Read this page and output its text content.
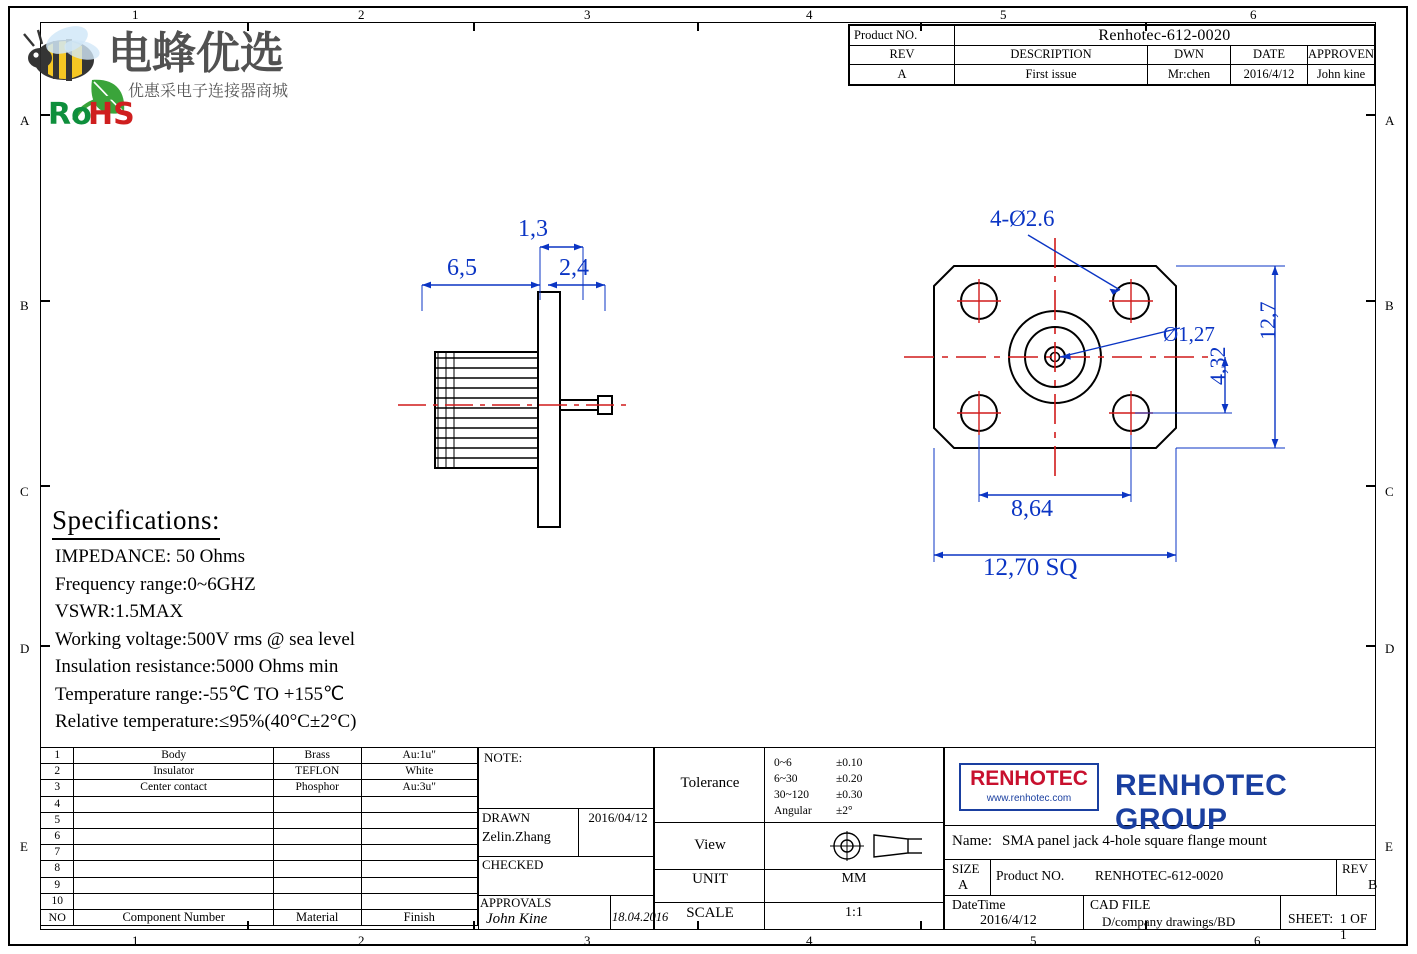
1	2	3	4	5	6
1	2	3	4	5	6
A
B
C
D
E
A
B
C
D
E
电蜂优选
优惠采电子连接器商城
Ro
HS
Product NO.	Renhotec-612-0020			
REV	DESCRIPTION	DWN	DATE	APPROVEN
A	First issue	Mr:chen	2016/4/12	John kine
1,3
6,5	2,4
4-Ø2.6
Ø1,27 12,7
4,32
8,64
12,70 SQ
Specifications:
IMPEDANCE: 50 Ohms
Frequency range:0~6GHZ
VSWR:1.5MAX
Working voltage:500V rms @ sea level
Insulation resistance:5000 Ohms min
Temperature range:-55℃ TO +155℃
Relative temperature:≤95%(40°C±2°C)
1	Body	Brass	Au:1u"
2	Insulator	TEFLON	White
3	Center contact	Phosphor	Au:3u"
4			
5			
6			
7			
8			
9			
10			
NO	Component Number	Material	Finish
NOTE:
DRAWN	2016/04/12
Zelin.Zhang
CHECKED
APPROVALS
John Kine	18.04.2016
Tolerance
0~6	±0.10
6~30	±0.20
30~120 ±0.30
Angular ±2°
View
UNIT	MM
SCALE	1:1
RENHOTEC
www.renhotec.com	RENHOTEC GROUP
Name: SMA panel jack 4-hole square flange mount
SIZE
A
Product NO. RENHOTEC-612-0020	REV
B
DateTime
2016/4/12
CAD FILE
D/company drawings/BD	SHEET: 1 OF 1
